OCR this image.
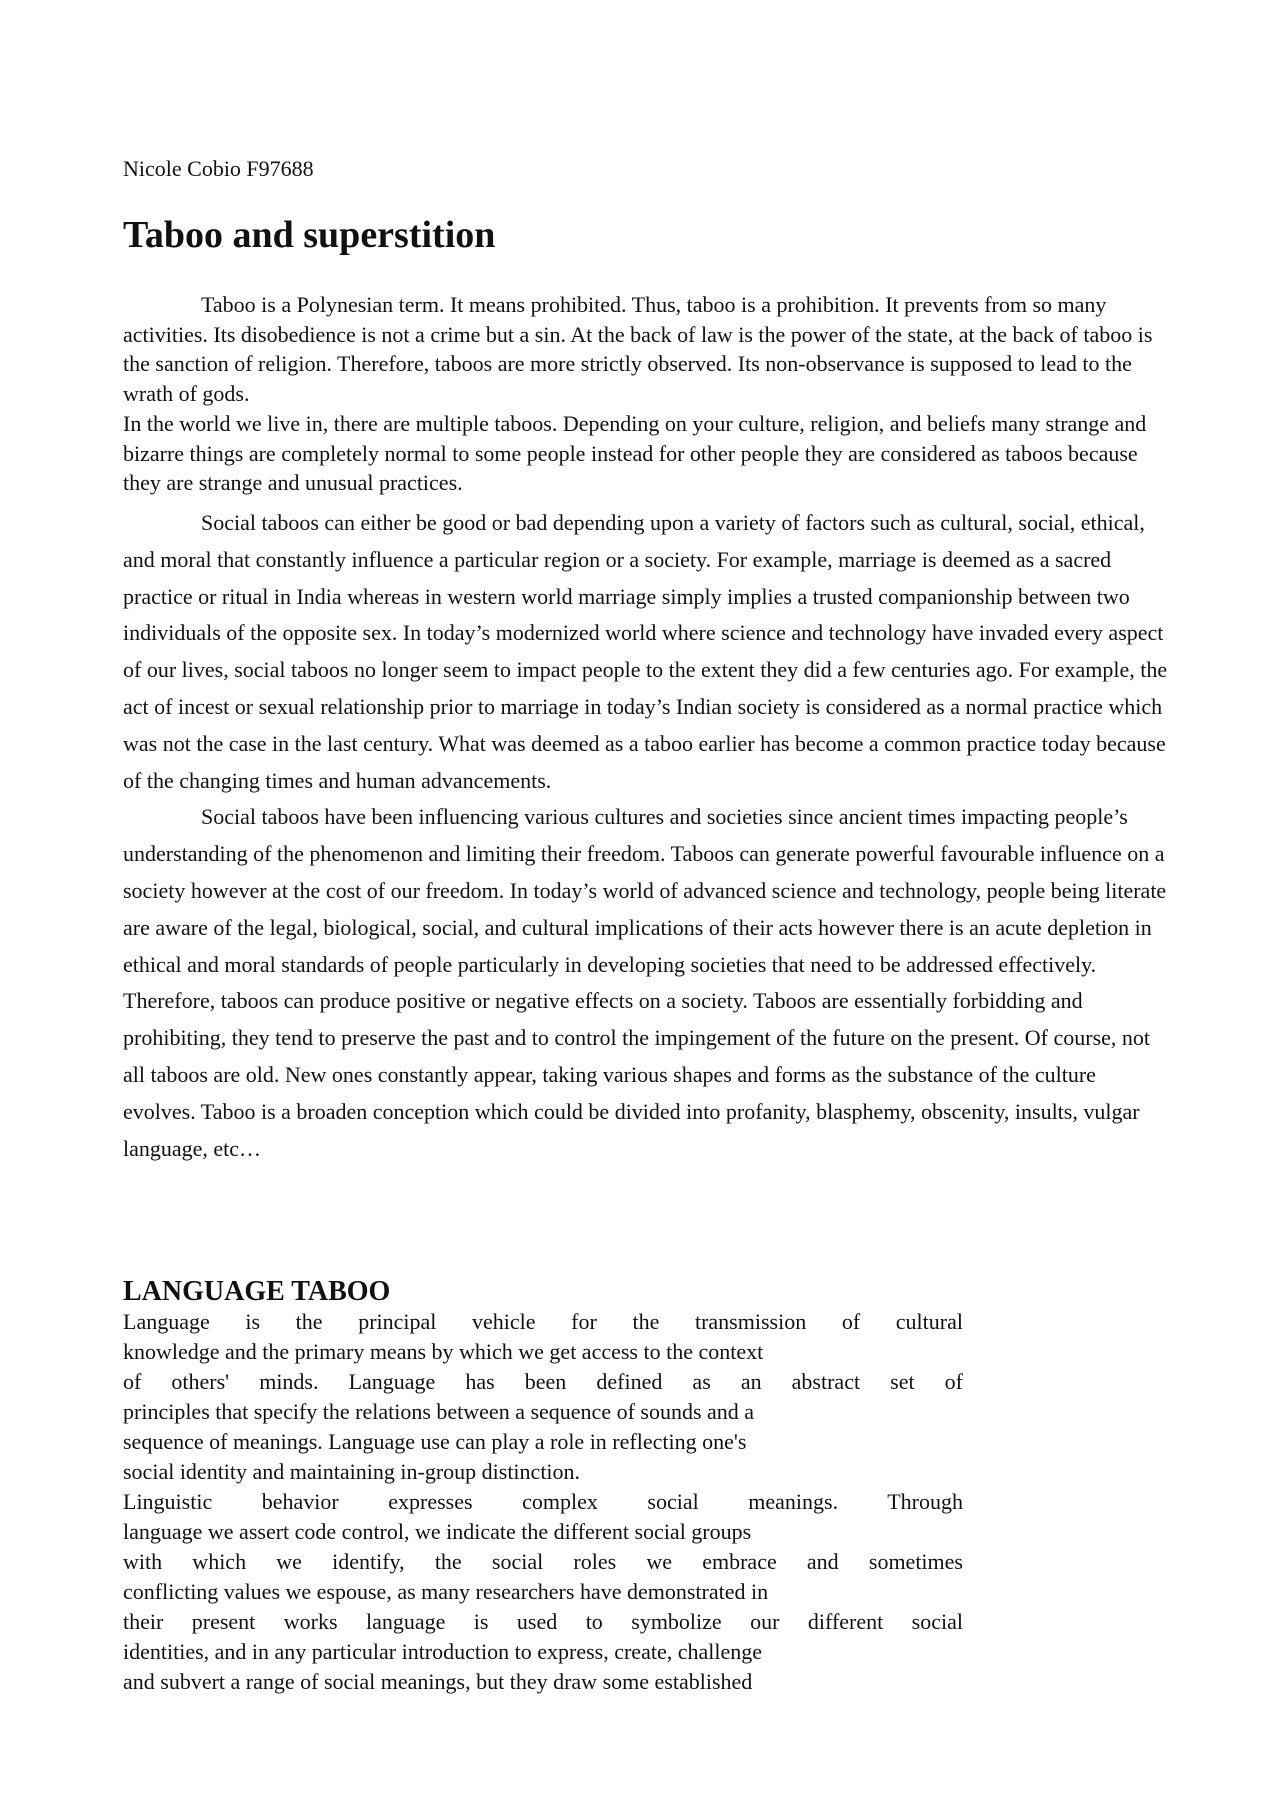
Nicole Cobio F97688

Taboo and superstition

Taboo is a Polynesian term. It means prohibited. Thus, taboo is a prohibition. It prevents from so many activities. Its disobedience is not a crime but a sin. At the back of law is the power of the state, at the back of taboo is the sanction of religion. Therefore, taboos are more strictly observed. Its non-observance is supposed to lead to the wrath of gods.

In the world we live in, there are multiple taboos. Depending on your culture, religion, and beliefs many strange and bizarre things are completely normal to some people instead for other people they are considered as taboos because they are strange and unusual practices.

Social taboos can either be good or bad depending upon a variety of factors such as cultural, social, ethical, and moral that constantly influence a particular region or a society. For example, marriage is deemed as a sacred practice or ritual in India whereas in western world marriage simply implies a trusted companionship between two individuals of the opposite sex. In today’s modernized world where science and technology have invaded every aspect of our lives, social taboos no longer seem to impact people to the extent they did a few centuries ago. For example, the act of incest or sexual relationship prior to marriage in today’s Indian society is considered as a normal practice which was not the case in the last century. What was deemed as a taboo earlier has become a common practice today because of the changing times and human advancements.

Social taboos have been influencing various cultures and societies since ancient times impacting people’s understanding of the phenomenon and limiting their freedom. Taboos can generate powerful favourable influence on a society however at the cost of our freedom. In today’s world of advanced science and technology, people being literate are aware of the legal, biological, social, and cultural implications of their acts however there is an acute depletion in ethical and moral standards of people particularly in developing societies that need to be addressed effectively. Therefore, taboos can produce positive or negative effects on a society. Taboos are essentially forbidding and prohibiting, they tend to preserve the past and to control the impingement of the future on the present. Of course, not all taboos are old. New ones constantly appear, taking various shapes and forms as the substance of the culture evolves. Taboo is a broaden conception which could be divided into profanity, blasphemy, obscenity, insults, vulgar language, etc…

LANGUAGE TABOO

Language is the principal vehicle for the transmission of cultural
knowledge and the primary means by which we get access to the context
of others' minds. Language has been defined as an abstract set of
principles that specify the relations between a sequence of sounds and a
sequence of meanings. Language use can play a role in reflecting one's
social identity and maintaining in-group distinction.

Linguistic behavior expresses complex social meanings. Through
language we assert code control, we indicate the different social groups
with which we identify, the social roles we embrace and sometimes
conflicting values we espouse, as many researchers have demonstrated in
their present works language is used to symbolize our different social
identities, and in any particular introduction to express, create, challenge
and subvert a range of social meanings, but they draw some established
